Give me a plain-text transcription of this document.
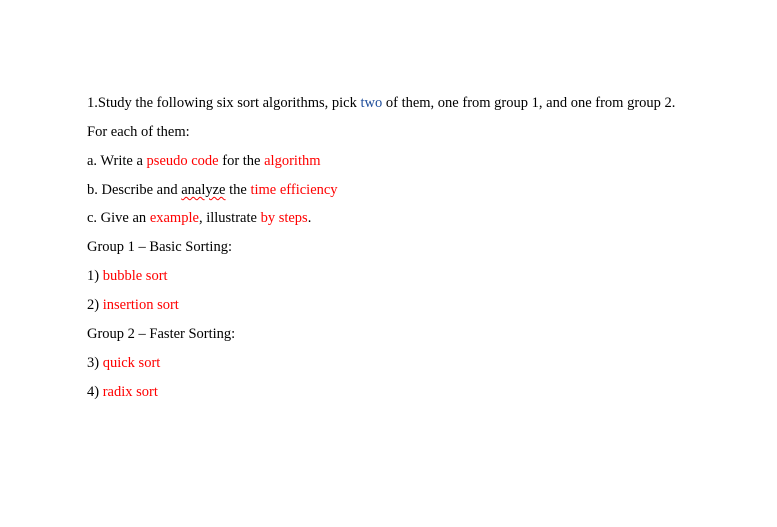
1.Study the following six sort algorithms, pick two of them, one from group 1, and one from group 2.
For each of them:
a. Write a pseudo code for the algorithm
b. Describe and analyze the time efficiency
c. Give an example, illustrate by steps.
Group 1 – Basic Sorting:
1) bubble sort
2) insertion sort
Group 2 – Faster Sorting:
3) quick sort
4) radix sort
